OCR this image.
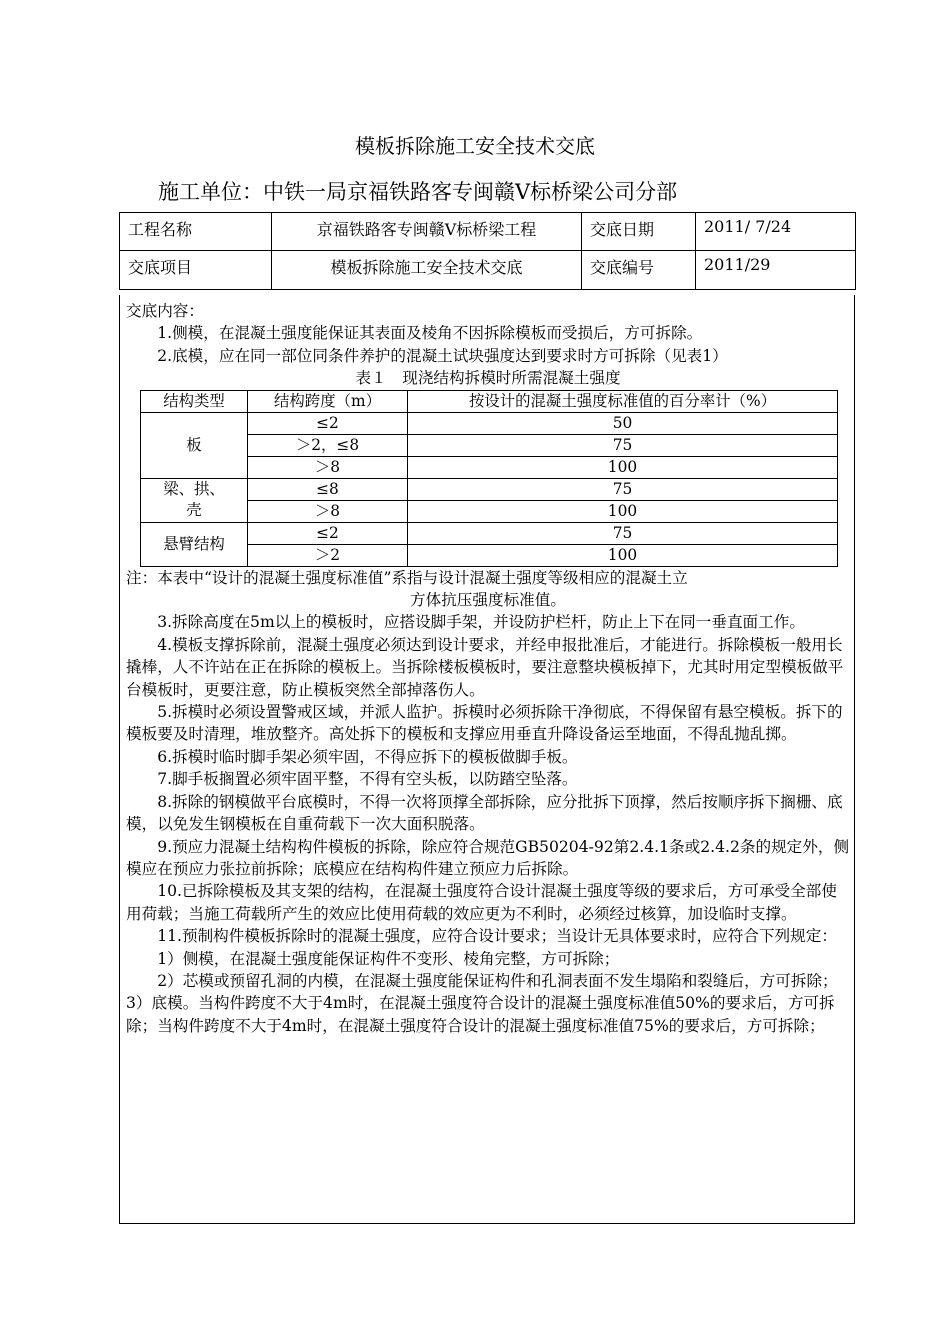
模板拆除施工安全技术交底
施工单位：中铁一局京福铁路客专闽赣Ⅴ标桥梁公司分部
工程名称	京福铁路客专闽赣Ⅴ标桥梁工程	交底日期	2011/ 7/24
交底项目	模板拆除施工安全技术交底	交底编号	2011/29

交底内容：

1.侧模，在混凝土强度能保证其表面及棱角不因拆除模板而受损后，方可拆除。

2.底模，应在同一部位同条件养护的混凝土试块强度达到要求时方可拆除（见表1）

表１　现浇结构拆模时所需混凝土强度

结构类型	结构跨度（m）	按设计的混凝土强度标准值的百分率计（%）
板	≤2	50
	＞2，≤8	75
	＞8	100
梁、拱、壳	≤8	75
	＞8	100
悬臂结构	≤2	75
	＞2	100

注：本表中“设计的混凝土强度标准值”系指与设计混凝土强度等级相应的混凝土立

方体抗压强度标准值。

3.拆除高度在5m以上的模板时，应搭设脚手架，并设防护栏杆，防止上下在同一垂直面工作。

4.模板支撑拆除前，混凝土强度必须达到设计要求，并经申报批准后，才能进行。拆除模板一般用长撬棒，人不许站在正在拆除的模板上。当拆除楼板模板时，要注意整块模板掉下，尤其时用定型模板做平台模板时，更要注意，防止模板突然全部掉落伤人。

5.拆模时必须设置警戒区域，并派人监护。拆模时必须拆除干净彻底，不得保留有悬空模板。拆下的模板要及时清理，堆放整齐。高处拆下的模板和支撑应用垂直升降设备运至地面，不得乱抛乱掷。

6.拆模时临时脚手架必须牢固，不得应拆下的模板做脚手板。

7.脚手板搁置必须牢固平整，不得有空头板，以防踏空坠落。

8.拆除的钢模做平台底模时，不得一次将顶撑全部拆除，应分批拆下顶撑，然后按顺序拆下搁栅、底模，以免发生钢模板在自重荷载下一次大面积脱落。

9.预应力混凝土结构构件模板的拆除，除应符合规范GB50204-92第2.4.1条或2.4.2条的规定外，侧模应在预应力张拉前拆除；底模应在结构构件建立预应力后拆除。

10.已拆除模板及其支架的结构，在混凝土强度符合设计混凝土强度等级的要求后，方可承受全部使用荷载；当施工荷载所产生的效应比使用荷载的效应更为不利时，必须经过核算，加设临时支撑。

11.预制构件模板拆除时的混凝土强度，应符合设计要求；当设计无具体要求时，应符合下列规定：

1）侧模，在混凝土强度能保证构件不变形、棱角完整，方可拆除；

2）芯模或预留孔洞的内模，在混凝土强度能保证构件和孔洞表面不发生塌陷和裂缝后，方可拆除；

3）底模。当构件跨度不大于4m时，在混凝土强度符合设计的混凝土强度标准值50%的要求后，方可拆除；当构件跨度不大于4m时，在混凝土强度符合设计的混凝土强度标准值75%的要求后，方可拆除；
